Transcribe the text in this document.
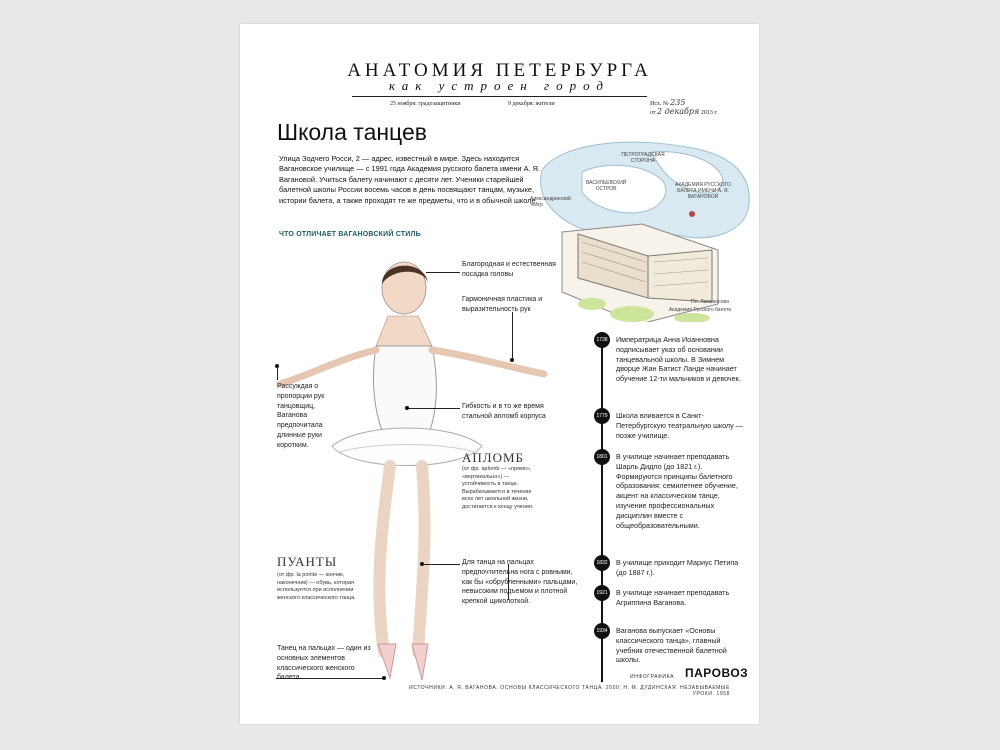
АНАТОМИЯ ПЕТЕРБУРГА
как устроен город
25 ноября: градозащитники	9 декабря: жители	Исх. № 235
от 2 декабря 2013 г.
Школа танцев
Улица Зодчего Росси, 2 — адрес, известный в мире. Здесь находится Вагановское училище — с 1991 года Академия русского балета имени А. Я. Вагановой. Учиться балету начинают с десяти лет. Ученики старейшей балетной школы России восемь часов в день посвящают танцам, музыке, истории балета, а также проходят те же предметы, что и в обычной школе.
ЧТО ОТЛИЧАЕТ ВАГАНОВСКИЙ СТИЛЬ
ПЕТРОГРАДСКАЯ СТОРОНА
ВАСИЛЬЕВСКИЙ ОСТРОВ
АКАДЕМИЯ РУССКОГО БАЛЕТА ИМЕНИ А. Я. ВАГАНОВОЙ
Александринский театр
Пл. Ломоносова
Академия Русского балета
Благородная и естественная посадка головы
Гармоничная пластика и выразительность рук
Рассуждая о пропорции рук танцовщиц, Ваганова предпочитала длинные руки коротким.
Гибкость и в то же время стальной апломб корпуса
АПЛОМБ
(от фр. aplomb — «прямо», «вертикально») — устойчивость в танце. Вырабатывается в течение всех лет школьной жизни, достигается к концу учения.
ПУАНТЫ
(от фр. la pointe — кончик, наконечник) — обувь, которая используется при исполнении женского классического танца.
Для танца на пальцах предпочтительна нога с ровными, как бы «обрубленными» пальцами, невысоким подъемом и плотной крепкой щиколоткой.
Танец на пальцах — один из основных элементов классического женского балета.
1738	Императрица Анна Иоанновна подписывает указ об основании танцевальной школы. В Зимнем дворце Жан Батист Ланде начинает обучение 12-ти мальчиков и девочек.
1779	Школа вливается в Санкт-Петербургскую театральную школу — позже училище.
1801	В училище начинает преподавать Шарль Дидло (до 1821 г.). Формируются принципы балетного образования: семилетнее обучение, акцент на классическом танце, изучение профессиональных дисциплин вместе с общеобразовательными.
1832	В училище приходит Мариус Петипа (до 1887 г.).
1921	В училище начинает преподавать Агриппина Ваганова.
1934	Ваганова выпускает «Основы классического танца», главный учебник отечественной балетной школы.
ИНФОГРАФИКА ПАРОВОЗ
ИСТОЧНИКИ: А. Я. ВАГАНОВА. ОСНОВЫ КЛАССИЧЕСКОГО ТАНЦА. 2000; Н. М. ДУДИНСКАЯ. НЕЗАБЫВАЕМЫЕ УРОКИ. 1958
